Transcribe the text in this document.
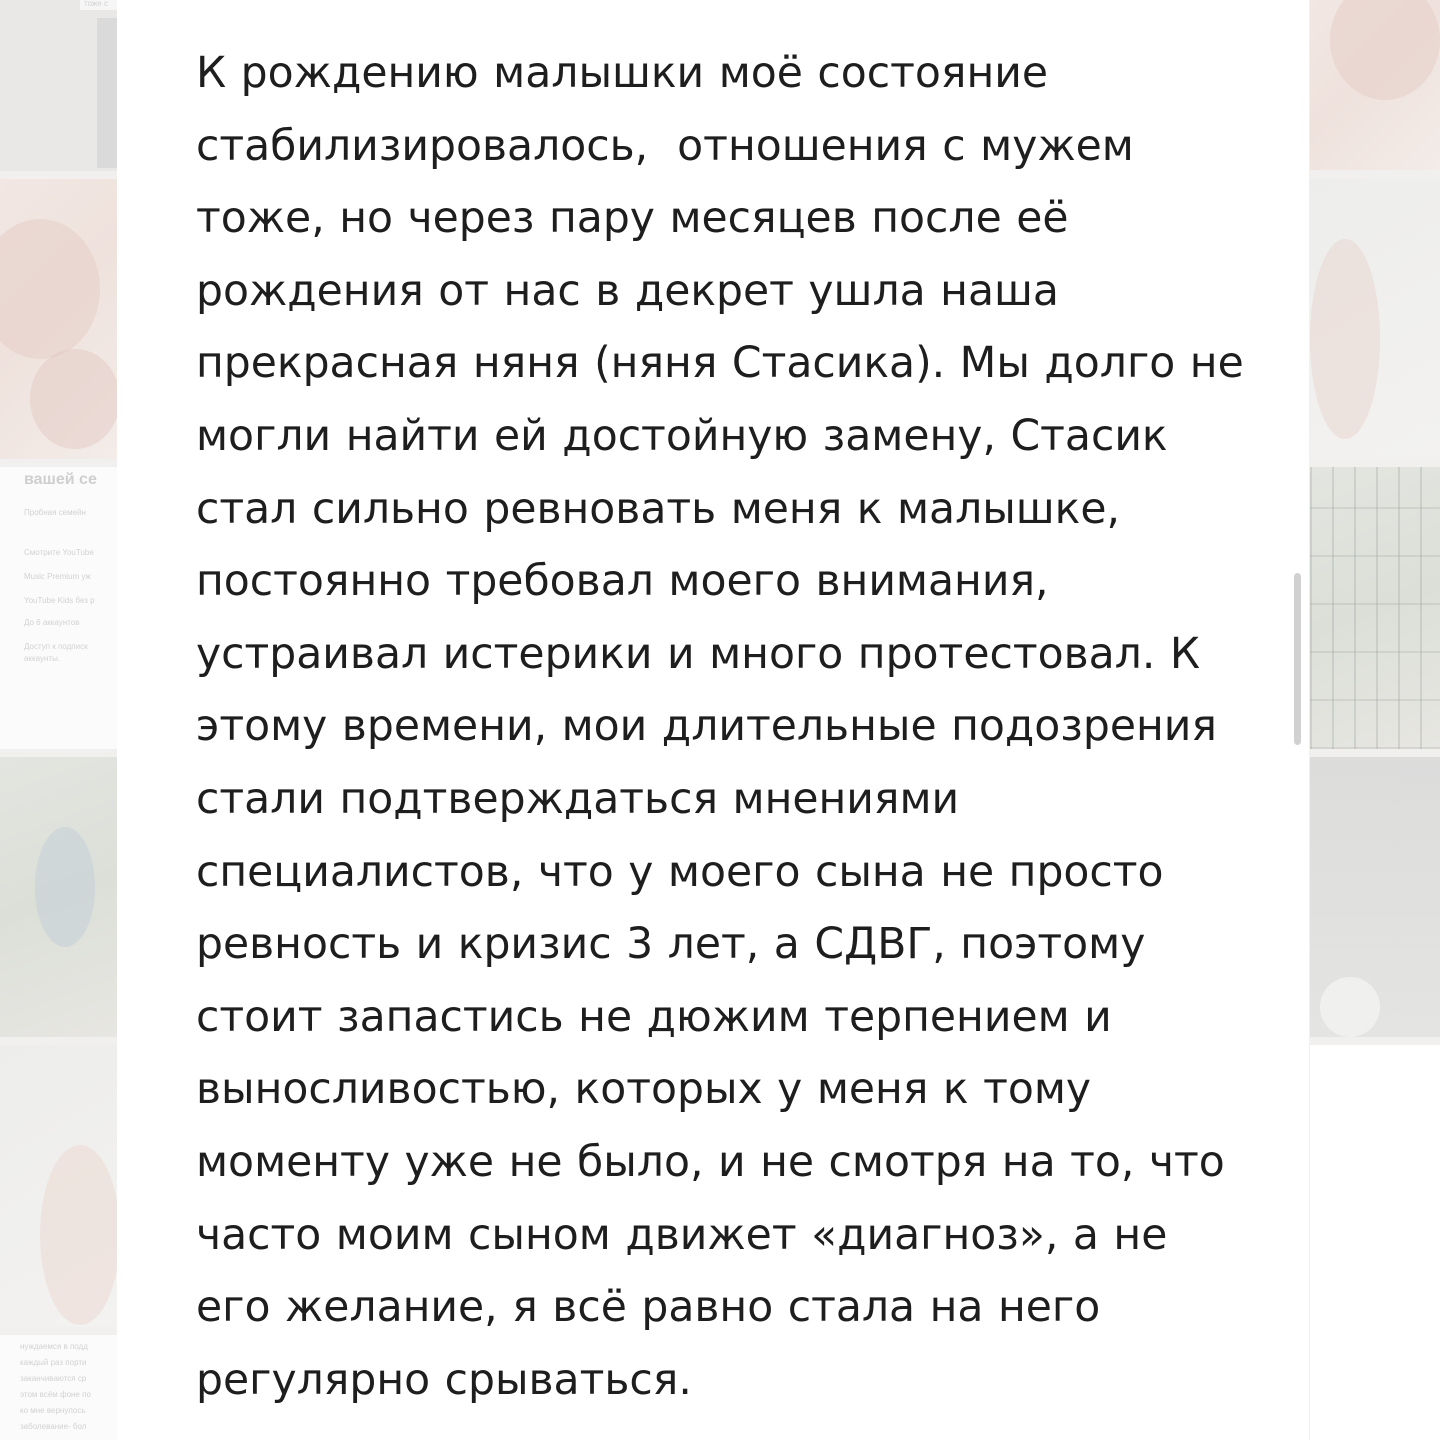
тоже с
вашей се
Пробная семейн
Смотрите YouTube
Music Premium уж
YouTube Kids без р
До 6 аккаунтов
Доступ к подписк
аккаунты.
нуждаемся в подд
каждый раз порти
заканчиваются ср
этом всём фоне по
ко мне вернулось
заболевание- бол
К рождению малышки моё состояние
стабилизировалось,  отношения с мужем
тоже, но через пару месяцев после её
рождения от нас в декрет ушла наша
прекрасная няня (няня Стасика). Мы долго не
могли найти ей достойную замену, Стасик
стал сильно ревновать меня к малышке,
постоянно требовал моего внимания,
устраивал истерики и много протестовал. К
этому времени, мои длительные подозрения
стали подтверждаться мнениями
специалистов, что у моего сына не просто
ревность и кризис 3 лет, а СДВГ, поэтому
стоит запастись не дюжим терпением и
выносливостью, которых у меня к тому
моменту уже не было, и не смотря на то, что
часто моим сыном движет «диагноз», а не
его желание, я всё равно стала на него
регулярно срываться.
